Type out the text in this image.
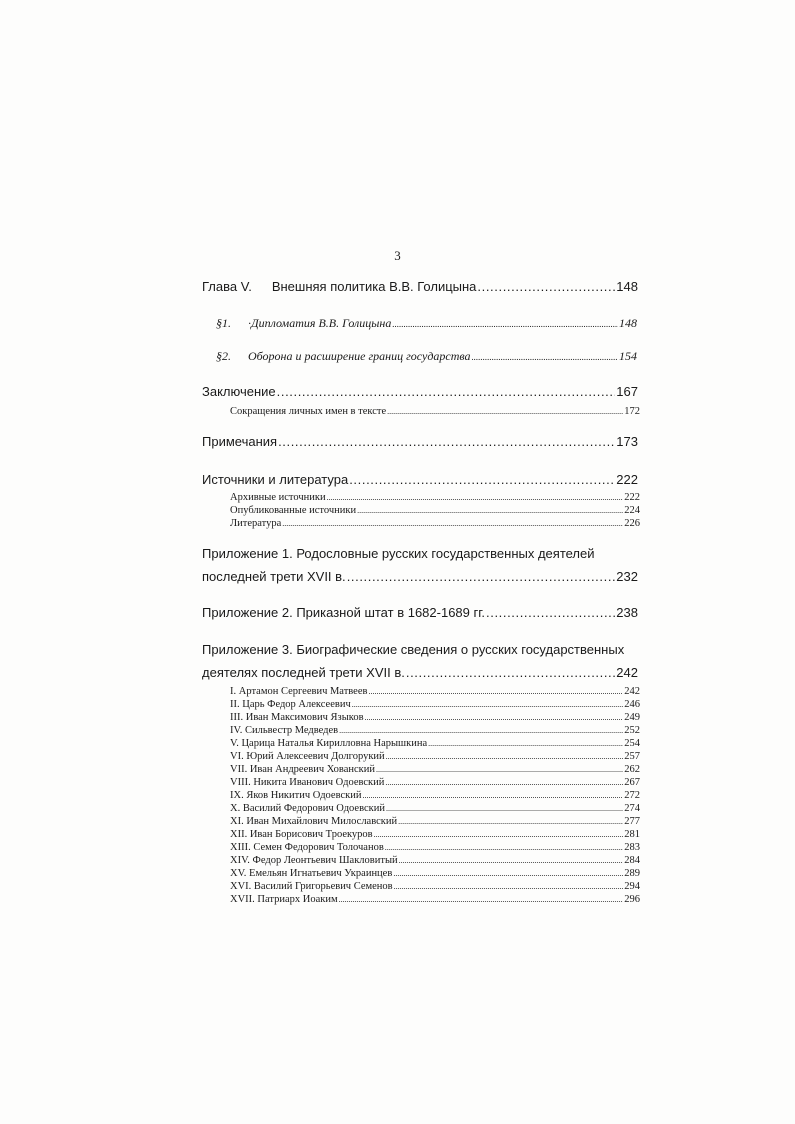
3
Глава V. Внешняя политика В.В. Голицына .....	148
§1. ·Дипломатия В.В. Голицына .....	148
§2. Оборона и расширение границ государства .....	154
Заключение .....	167
Сокращения личных имен в тексте .....	172
Примечания .....	173
Источники и литература .....	222
Архивные источники .....	222
Опубликованные источники .....	224
Литература .....	226
Приложение 1. Родословные русских государственных деятелей
последней трети XVII в. .....	232
Приложение 2. Приказной штат в 1682-1689 гг. .....	238
Приложение 3. Биографические сведения о русских государственных
деятелях последней трети XVII в. .....	242
I. Артамон Сергеевич Матвеев .....	242
II. Царь Федор Алексеевич .....	246
III. Иван Максимович Языков .....	249
IV. Сильвестр Медведев .....	252
V. Царица Наталья Кирилловна Нарышкина .....	254
VI. Юрий Алексеевич Долгорукий .....	257
VII. Иван Андреевич Хованский .....	262
VIII. Никита Иванович Одоевский .....	267
IX. Яков Никитич Одоевский .....	272
X. Василий Федорович Одоевский .....	274
XI. Иван Михайлович Милославский .....	277
XII. Иван Борисович Троекуров .....	281
XIII. Семен Федорович Толочанов .....	283
XIV. Федор Леонтьевич Шакловитый .....	284
XV. Емельян Игнатьевич Украинцев .....	289
XVI. Василий Григорьевич Семенов .....	294
XVII. Патриарх Иоаким .....	296
